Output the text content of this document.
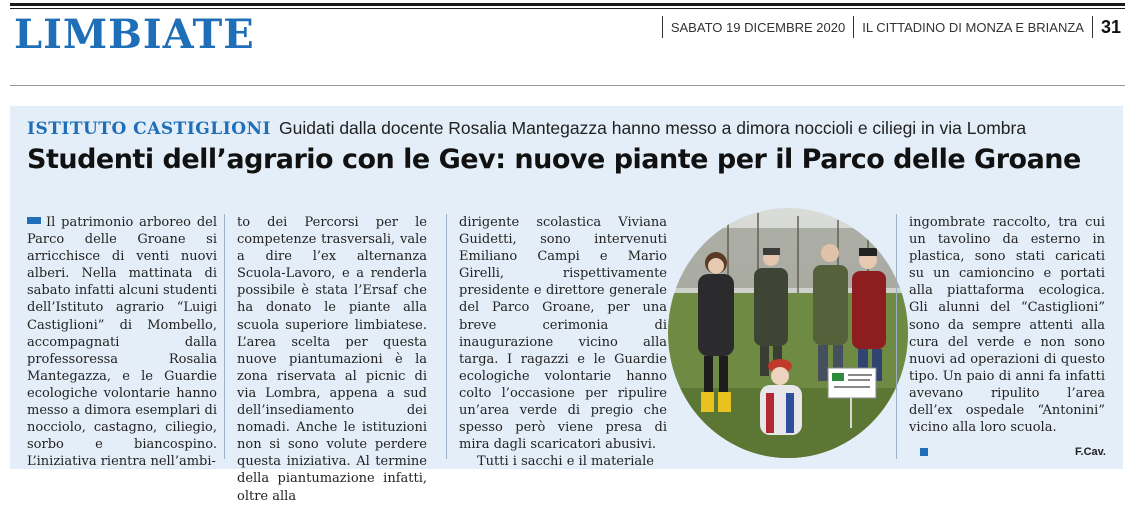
LIMBIATE	SABATO 19 DICEMBRE 2020 IL CITTADINO DI MONZA E BRIANZA 31
ISTITUTO CASTIGLIONI Guidati dalla docente Rosalia Mantegazza hanno messo a dimora noccioli e ciliegi in via Lombra
Studenti dell’agrario con le Gev: nuove piante per il Parco delle Groane

Il patrimonio arboreo del Parco delle Groane si arricchisce di venti nuovi alberi. Nella mattinata di sabato infatti alcuni studenti dell’Istituto agrario “Luigi Castiglioni” di Mombello, accompagnati dalla professoressa Rosalia Mantegazza, e le Guardie ecologiche volontarie hanno messo a dimora esemplari di nocciolo, castagno, ciliegio, sorbo e biancospino. L’iniziativa rientra nell’ambi-

to dei Percorsi per le competenze trasversali, vale a dire l’ex alternanza Scuola-Lavoro, e a renderla possibile è stata l’Ersaf che ha donato le piante alla scuola superiore limbiatese. L’area scelta per questa nuove piantumazioni è la zona riservata al picnic di via Lombra, appena a sud dell’insediamento dei nomadi. Anche le istituzioni non si sono volute perdere questa iniziativa. Al termine della piantumazione infatti, oltre alla

dirigente scolastica Viviana Guidetti, sono intervenuti Emiliano Campi e Mario Girelli, rispettivamente presidente e direttore generale del Parco Groane, per una breve cerimonia di inaugurazione vicino alla targa. I ragazzi e le Guardie ecologiche volontarie hanno colto l’occasione per ripulire un’area verde di pregio che spesso però viene presa di mira dagli scaricatori abusivi.

Tutti i sacchi e il materiale

ingombrate raccolto, tra cui un tavolino da esterno in plastica, sono stati caricati su un camioncino e portati alla piattaforma ecologica. Gli alunni del “Castiglioni” sono da sempre attenti alla cura del verde e non sono nuovi ad operazioni di questo tipo. Un paio di anni fa infatti avevano ripulito l’area dell’ex ospedale “Antonini” vicino alla loro scuola.

F.Cav.
